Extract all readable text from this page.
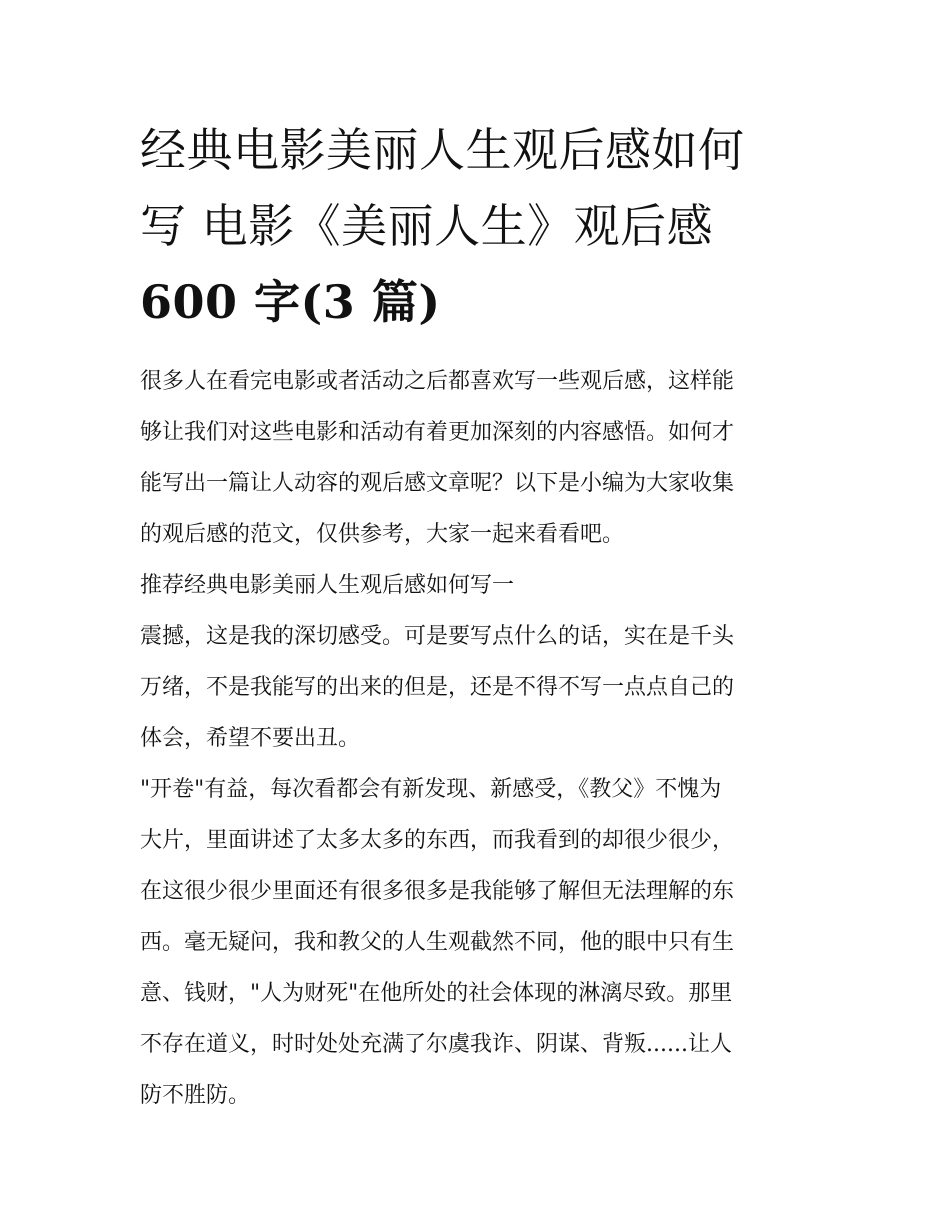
经典电影美丽人生观后感如何
写 电影《美丽人生》观后感
600 字(3 篇)

很多人在看完电影或者活动之后都喜欢写一些观后感，这样能
够让我们对这些电影和活动有着更加深刻的内容感悟。如何才
能写出一篇让人动容的观后感文章呢？以下是小编为大家收集
的观后感的范文，仅供参考，大家一起来看看吧。

推荐经典电影美丽人生观后感如何写一

震撼，这是我的深切感受。可是要写点什么的话，实在是千头
万绪，不是我能写的出来的但是，还是不得不写一点点自己的
体会，希望不要出丑。

"开卷"有益，每次看都会有新发现、新感受，《教父》不愧为
大片，里面讲述了太多太多的东西，而我看到的却很少很少，
在这很少很少里面还有很多很多是我能够了解但无法理解的东
西。毫无疑问，我和教父的人生观截然不同，他的眼中只有生
意、钱财，"人为财死"在他所处的社会体现的淋漓尽致。那里
不存在道义，时时处处充满了尔虞我诈、阴谋、背叛......让人
防不胜防。
